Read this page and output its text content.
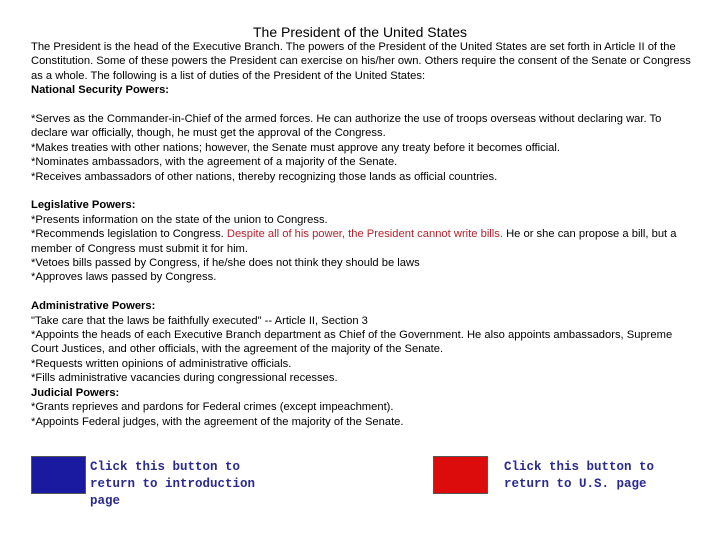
The President of the United States

The President is the head of the Executive Branch. The powers of the President of the United States are set forth in Article II of the Constitution. Some of these powers the President can exercise on his/her own. Others require the consent of the Senate or Congress as a whole. The following is a list of duties of the President of the United States:

National Security Powers:

*Serves as the Commander-in-Chief of the armed forces. He can authorize the use of troops overseas without declaring war. To declare war officially, though, he must get the approval of the Congress.

*Makes treaties with other nations; however, the Senate must approve any treaty before it becomes official.

*Nominates ambassadors, with the agreement of a majority of the Senate.

*Receives ambassadors of other nations, thereby recognizing those lands as official countries.

Legislative Powers:

*Presents information on the state of the union to Congress.

*Recommends legislation to Congress. Despite all of his power, the President cannot write bills. He or she can propose a bill, but a member of Congress must submit it for him.

*Vetoes bills passed by Congress, if he/she does not think they should be laws

*Approves laws passed by Congress.

Administrative Powers:

"Take care that the laws be faithfully executed" -- Article II, Section 3

*Appoints the heads of each Executive Branch department as Chief of the Government. He also appoints ambassadors, Supreme Court Justices, and other officials, with the agreement of the majority of the Senate.

*Requests written opinions of administrative officials.

*Fills administrative vacancies during congressional recesses.

Judicial Powers:

*Grants reprieves and pardons for Federal crimes (except impeachment).

*Appoints Federal judges, with the agreement of the majority of the Senate.

Click this button to return to introduction page
Click this button to return to U.S. page
